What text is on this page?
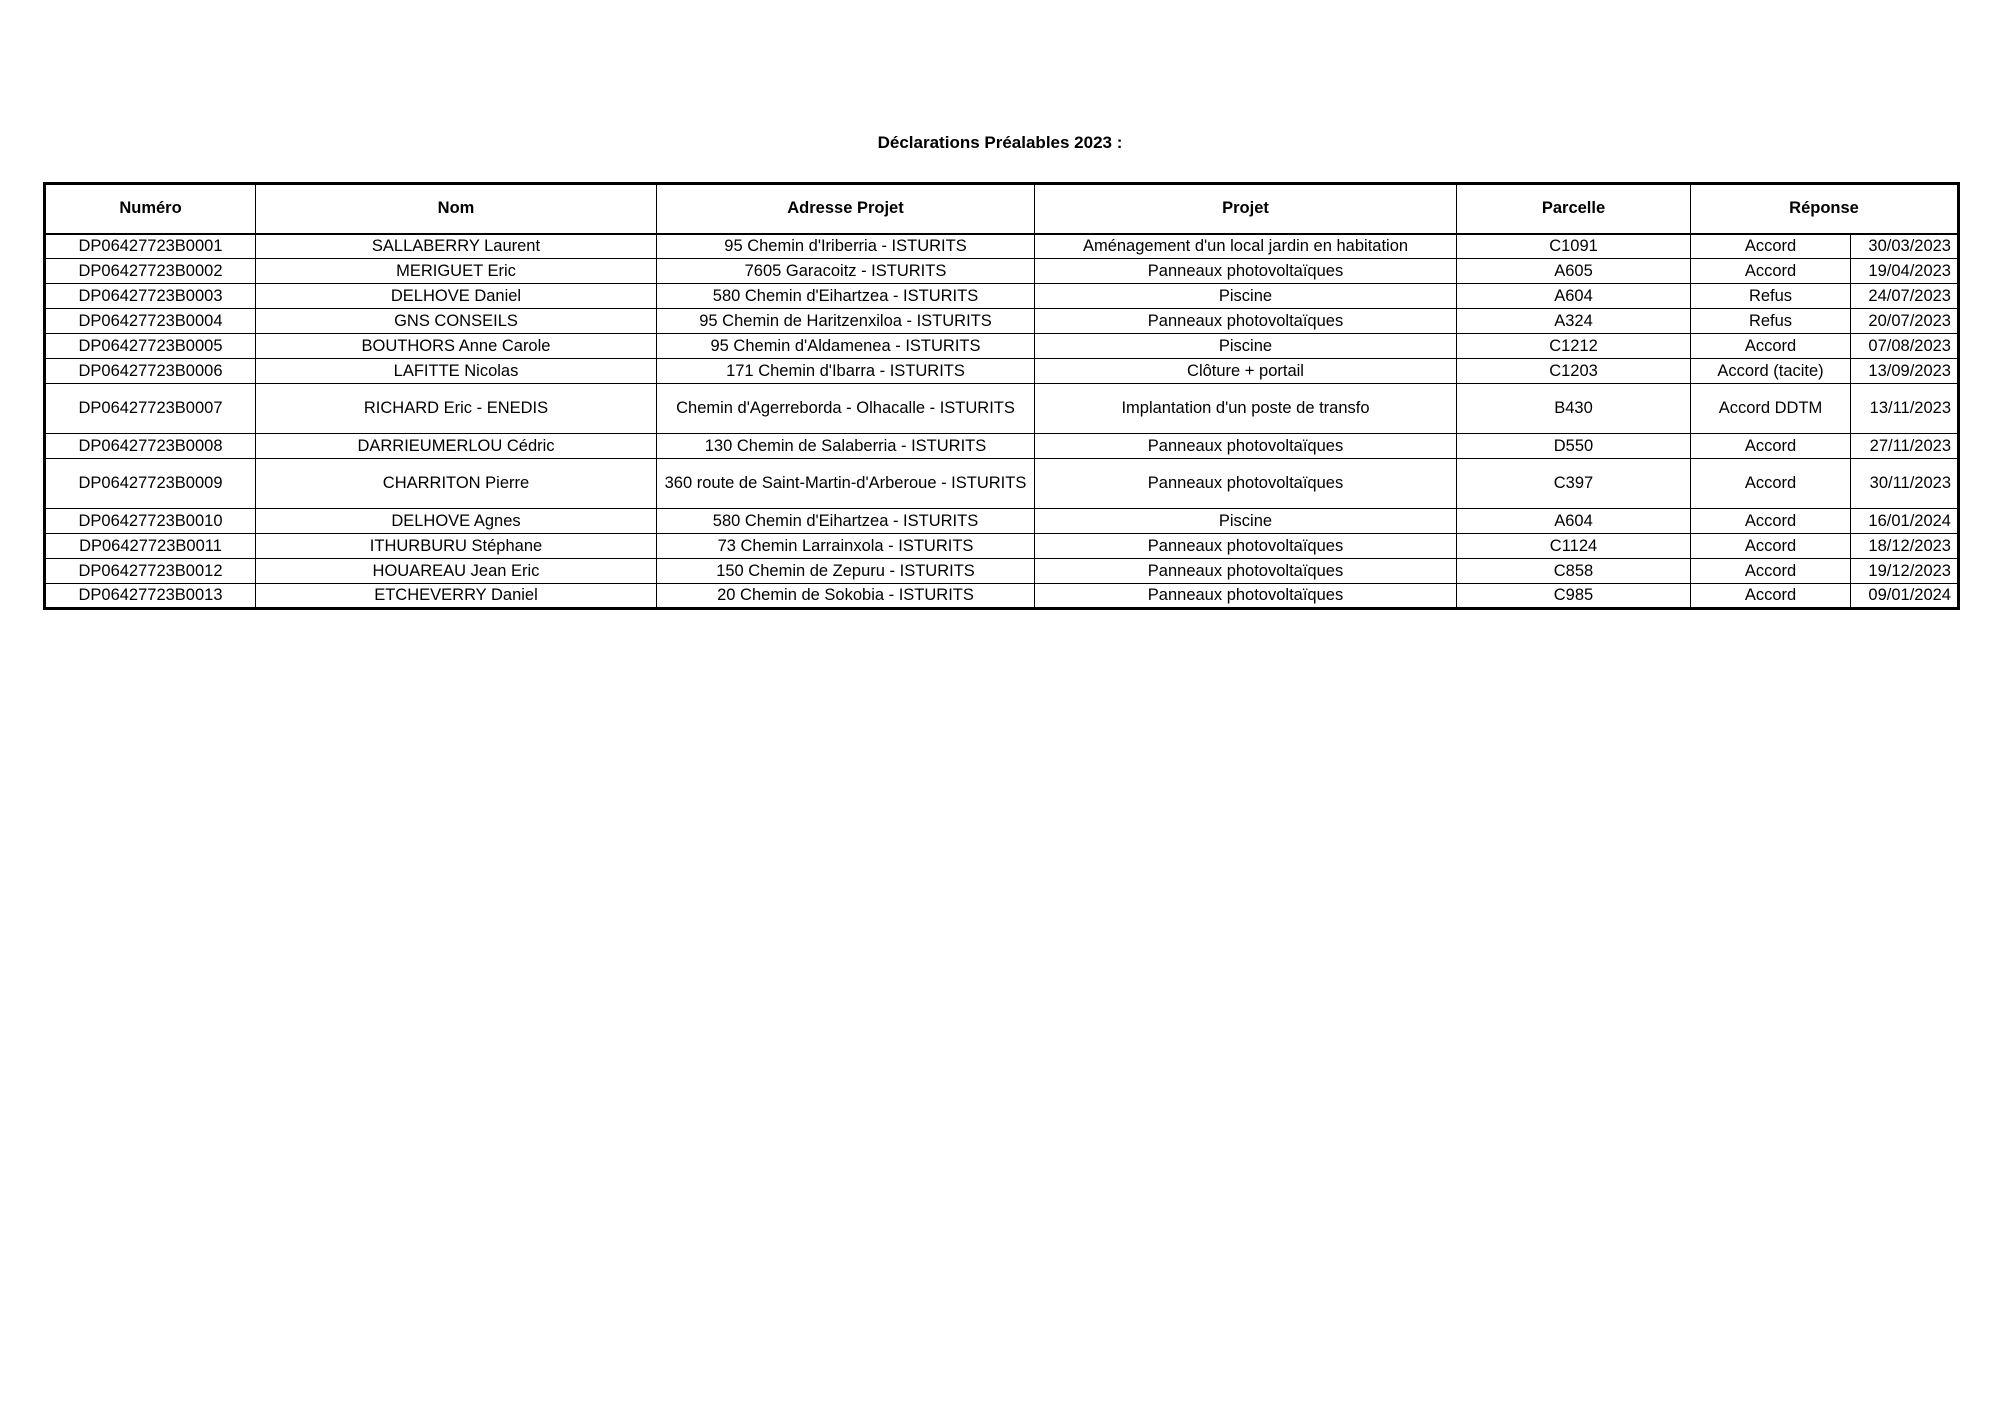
Déclarations Préalables 2023 :
Numéro	Nom	Adresse Projet	Projet	Parcelle	Réponse	
DP06427723B0001	SALLABERRY Laurent	95 Chemin d'Iriberria - ISTURITS	Aménagement d'un local jardin en habitation	C1091	Accord	30/03/2023
DP06427723B0002	MERIGUET Eric	7605 Garacoitz - ISTURITS	Panneaux photovoltaïques	A605	Accord	19/04/2023
DP06427723B0003	DELHOVE Daniel	580 Chemin d'Eihartzea - ISTURITS	Piscine	A604	Refus	24/07/2023
DP06427723B0004	GNS CONSEILS	95 Chemin de Haritzenxiloa - ISTURITS	Panneaux photovoltaïques	A324	Refus	20/07/2023
DP06427723B0005	BOUTHORS Anne Carole	95 Chemin d'Aldamenea - ISTURITS	Piscine	C1212	Accord	07/08/2023
DP06427723B0006	LAFITTE Nicolas	171 Chemin d'Ibarra - ISTURITS	Clôture + portail	C1203	Accord (tacite)	13/09/2023
DP06427723B0007	RICHARD Eric - ENEDIS	Chemin d'Agerreborda - Olhacalle - ISTURITS	Implantation d'un poste de transfo	B430	Accord DDTM	13/11/2023
DP06427723B0008	DARRIEUMERLOU Cédric	130 Chemin de Salaberria - ISTURITS	Panneaux photovoltaïques	D550	Accord	27/11/2023
DP06427723B0009	CHARRITON Pierre	360 route de Saint-Martin-d'Arberoue - ISTURITS	Panneaux photovoltaïques	C397	Accord	30/11/2023
DP06427723B0010	DELHOVE Agnes	580 Chemin d'Eihartzea - ISTURITS	Piscine	A604	Accord	16/01/2024
DP06427723B0011	ITHURBURU Stéphane	73 Chemin Larrainxola - ISTURITS	Panneaux photovoltaïques	C1124	Accord	18/12/2023
DP06427723B0012	HOUAREAU Jean Eric	150 Chemin de Zepuru - ISTURITS	Panneaux photovoltaïques	C858	Accord	19/12/2023
DP06427723B0013	ETCHEVERRY Daniel	20 Chemin de Sokobia - ISTURITS	Panneaux photovoltaïques	C985	Accord	09/01/2024
